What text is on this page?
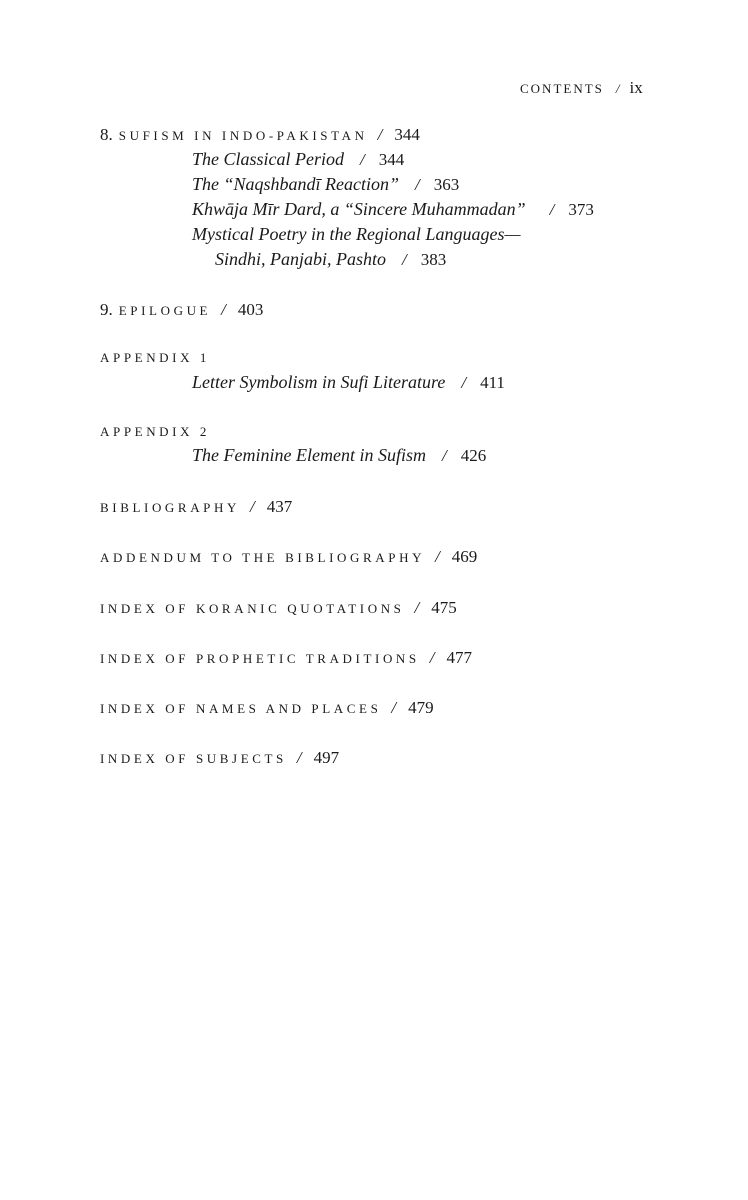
CONTENTS / ix
8. SUFISM IN INDO-PAKISTAN / 344
The Classical Period / 344
The “Naqshbandī Reaction” / 363
Khwāja Mīr Dard, a “Sincere Muhammadan” / 373
Mystical Poetry in the Regional Languages—
Sindhi, Panjabi, Pashto / 383
9. EPILOGUE / 403
APPENDIX 1
Letter Symbolism in Sufi Literature / 411
APPENDIX 2
The Feminine Element in Sufism / 426
BIBLIOGRAPHY / 437
ADDENDUM TO THE BIBLIOGRAPHY / 469
INDEX OF KORANIC QUOTATIONS / 475
INDEX OF PROPHETIC TRADITIONS / 477
INDEX OF NAMES AND PLACES / 479
INDEX OF SUBJECTS / 497
